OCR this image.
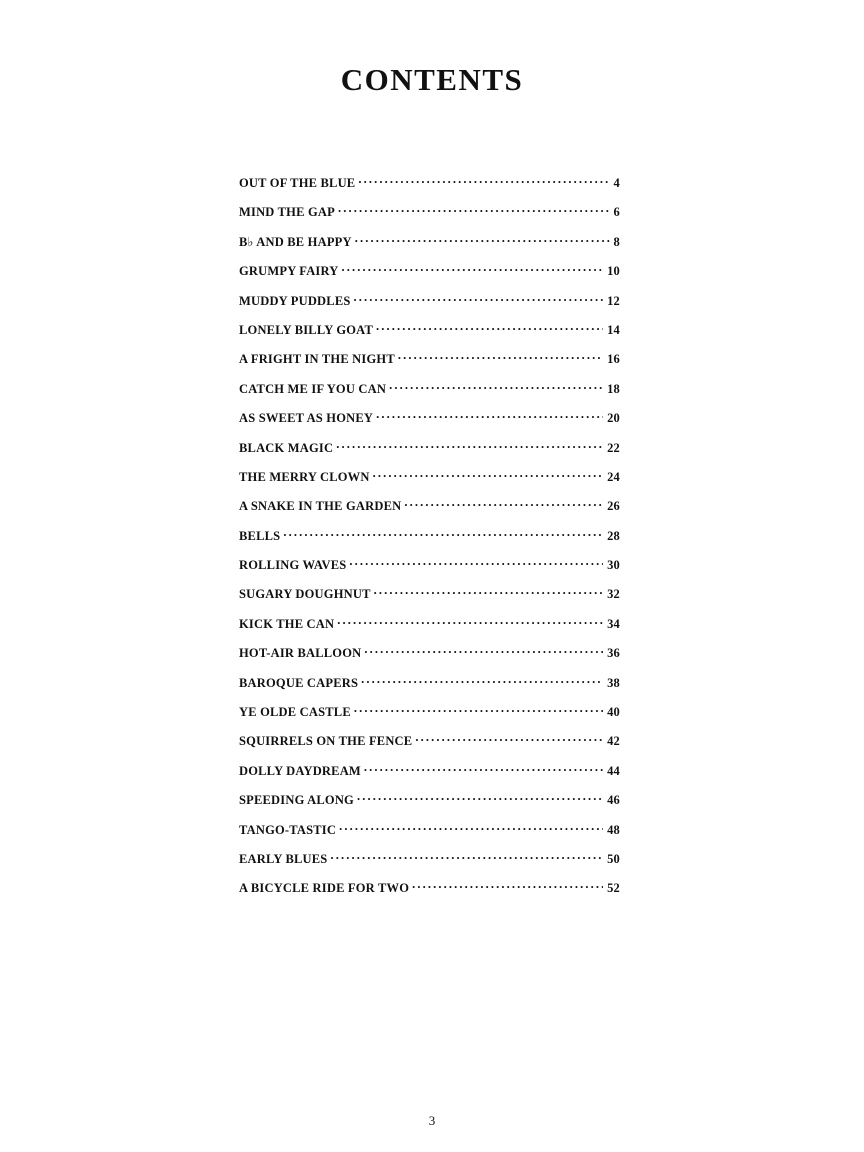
CONTENTS
OUT OF THE BLUE . . .	4
MIND THE GAP . . .	6
B♭ AND BE HAPPY . . .	8
GRUMPY FAIRY . . .	10
MUDDY PUDDLES . . .	12
LONELY BILLY GOAT . . .	14
A FRIGHT IN THE NIGHT . . .	16
CATCH ME IF YOU CAN . . .	18
AS SWEET AS HONEY . . .	20
BLACK MAGIC . . .	22
THE MERRY CLOWN . . .	24
A SNAKE IN THE GARDEN . . .	26
BELLS . . .	28
ROLLING WAVES . . .	30
SUGARY DOUGHNUT . . .	32
KICK THE CAN . . .	34
HOT-AIR BALLOON . . .	36
BAROQUE CAPERS . . .	38
YE OLDE CASTLE . . .	40
SQUIRRELS ON THE FENCE . . .	42
DOLLY DAYDREAM . . .	44
SPEEDING ALONG . . .	46
TANGO-TASTIC . . .	48
EARLY BLUES . . .	50
A BICYCLE RIDE FOR TWO . . .	52

3
